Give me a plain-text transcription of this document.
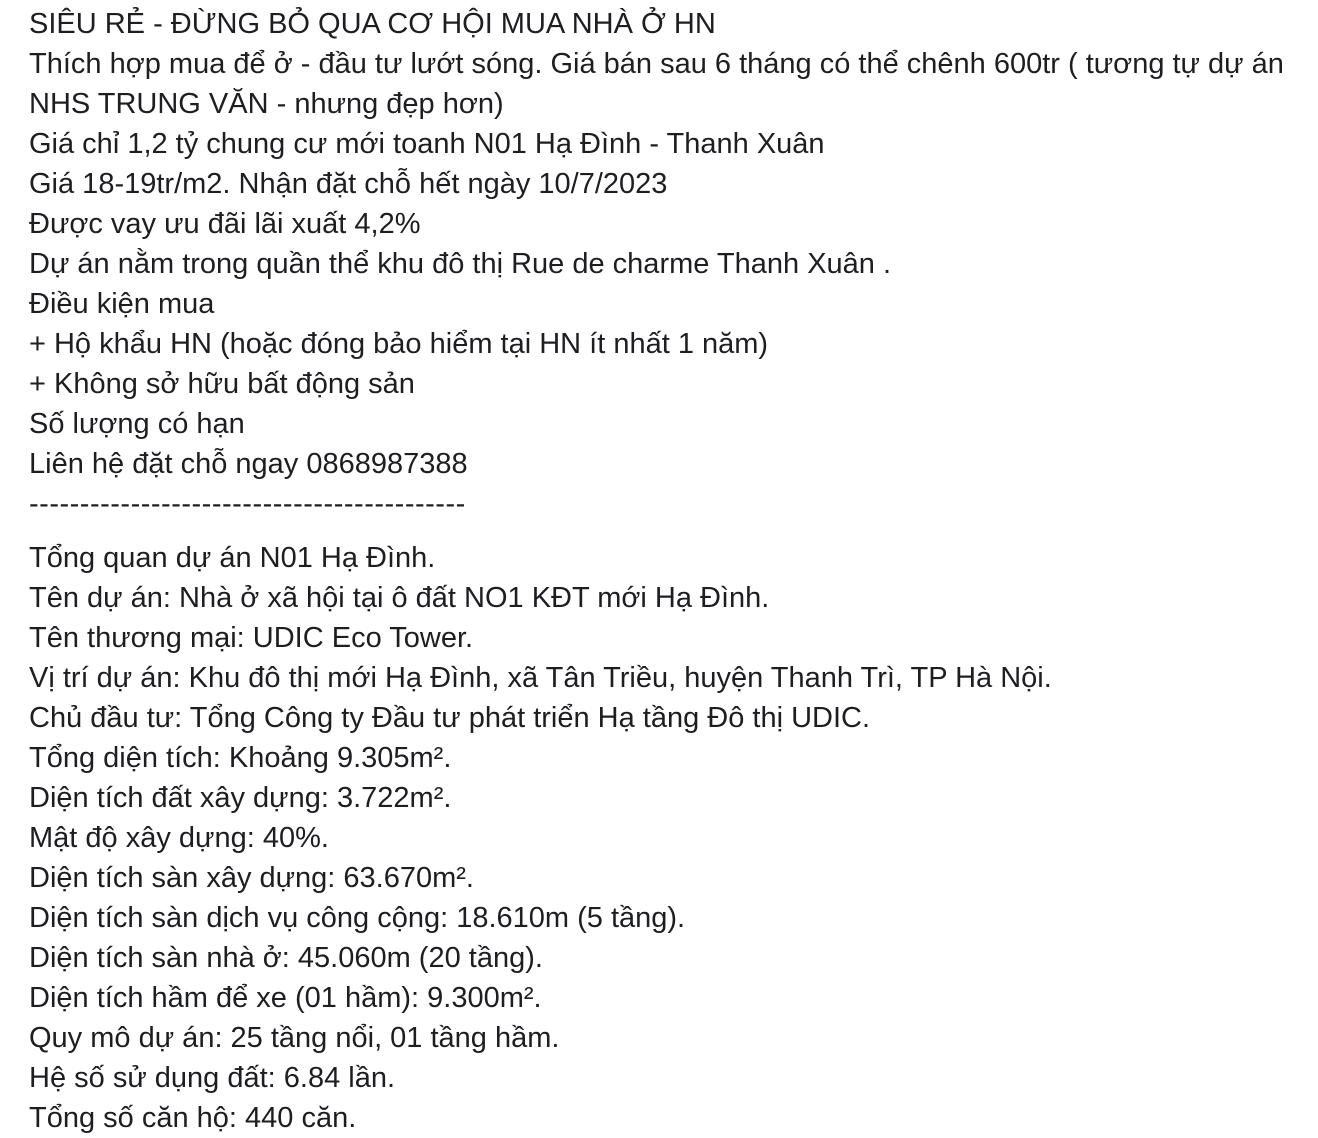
SIÊU RẺ - ĐỪNG BỎ QUA CƠ HỘI MUA NHÀ Ở HN

Thích hợp mua để ở - đầu tư lướt sóng. Giá bán sau 6 tháng có thể chênh 600tr ( tương tự dự án NHS TRUNG VĂN - nhưng đẹp hơn)

Giá chỉ 1,2 tỷ chung cư mới toanh N01 Hạ Đình - Thanh Xuân

Giá 18-19tr/m2. Nhận đặt chỗ hết ngày 10/7/2023

Được vay ưu đãi lãi xuất 4,2%

Dự án nằm trong quần thể khu đô thị Rue de charme Thanh Xuân .

Điều kiện mua

+ Hộ khẩu HN (hoặc đóng bảo hiểm tại HN ít nhất 1 năm)

+ Không sở hữu bất động sản

Số lượng có hạn

Liên hệ đặt chỗ ngay 0868987388

-------------------------------------------

Tổng quan dự án N01 Hạ Đình.

Tên dự án: Nhà ở xã hội tại ô đất NO1 KĐT mới Hạ Đình.

Tên thương mại: UDIC Eco Tower.

Vị trí dự án: Khu đô thị mới Hạ Đình, xã Tân Triều, huyện Thanh Trì, TP Hà Nội.

Chủ đầu tư: Tổng Công ty Đầu tư phát triển Hạ tầng Đô thị UDIC.

Tổng diện tích: Khoảng 9.305m².

Diện tích đất xây dựng: 3.722m².

Mật độ xây dựng: 40%.

Diện tích sàn xây dựng: 63.670m².

Diện tích sàn dịch vụ công cộng: 18.610m (5 tầng).

Diện tích sàn nhà ở: 45.060m (20 tầng).

Diện tích hầm để xe (01 hầm): 9.300m².

Quy mô dự án: 25 tầng nổi, 01 tầng hầm.

Hệ số sử dụng đất: 6.84 lần.

Tổng số căn hộ: 440 căn.
